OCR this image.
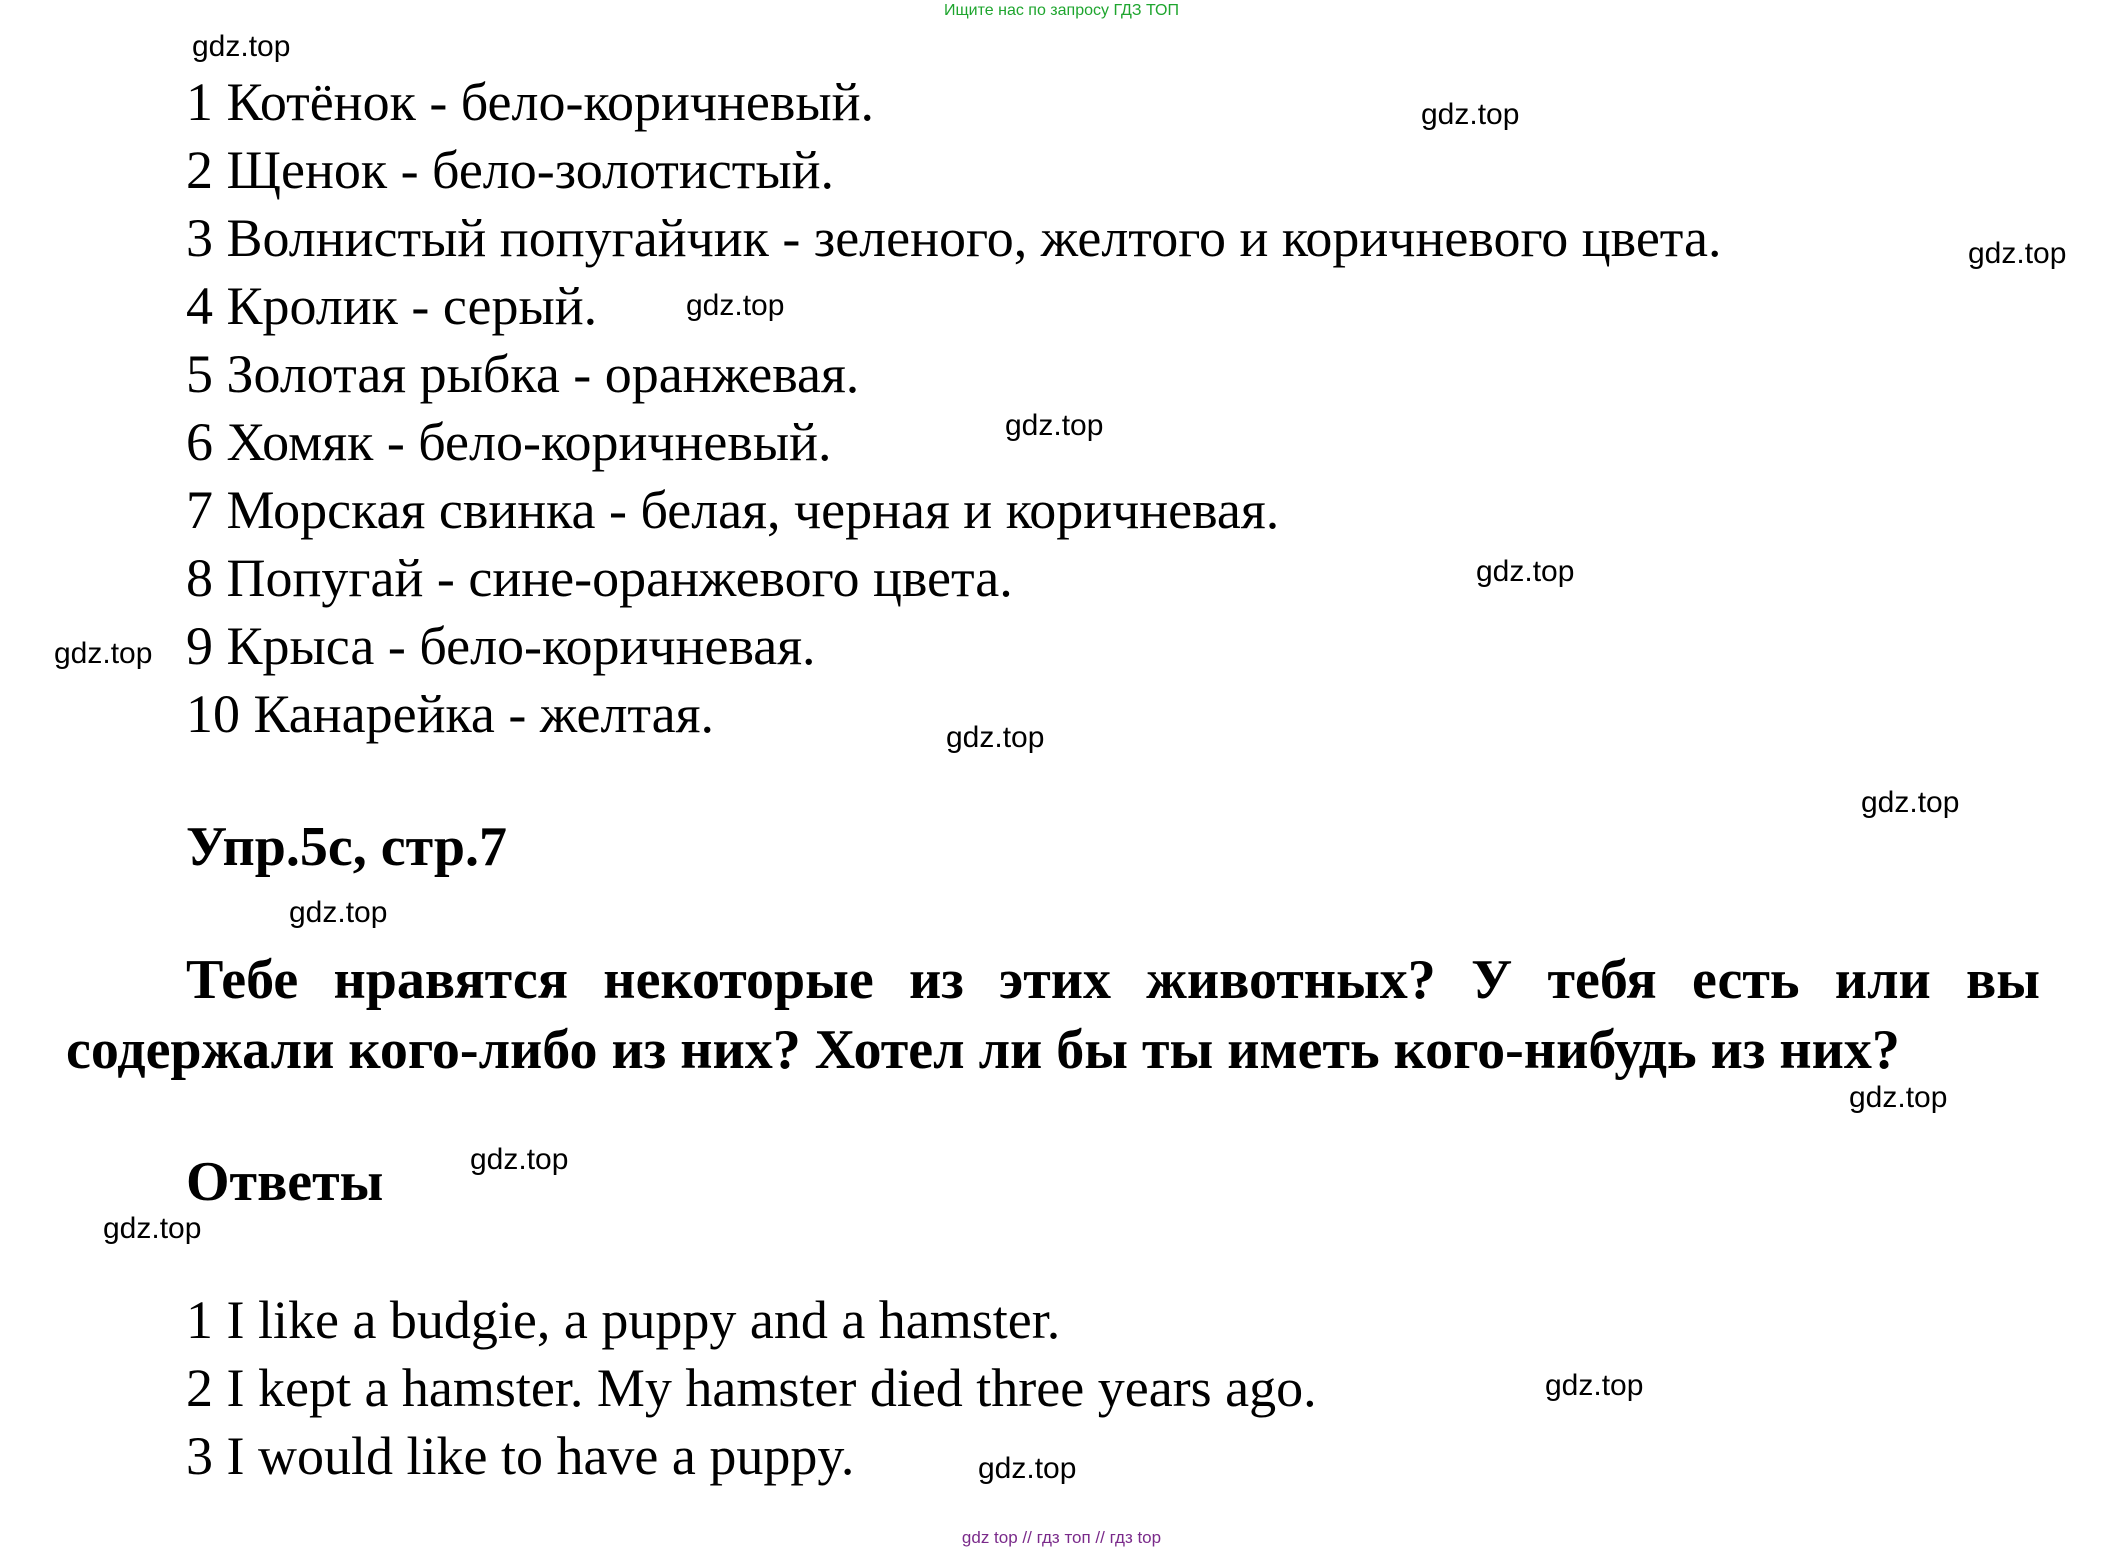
Ищите нас по запросу ГДЗ ТОП
1 Котёнок - бело-коричневый.
2 Щенок - бело-золотистый.
3 Волнистый попугайчик - зеленого, желтого и коричневого цвета.
4 Кролик - серый.
5 Золотая рыбка - оранжевая.
6 Хомяк - бело-коричневый.
7 Морская свинка - белая, черная и коричневая.
8 Попугай - сине-оранжевого цвета.
9 Крыса - бело-коричневая.
10 Канарейка - желтая.
Упр.5с, стр.7

Тебе нравятся некоторые из этих животных? У тебя есть или вы содержали кого-либо из них? Хотел ли бы ты иметь кого-нибудь из них?

Ответы
1 I like a budgie, a puppy and a hamster.
2 I kept a hamster. My hamster died three years ago.
3 I would like to have a puppy.
gdz.top
gdz.top
gdz.top
gdz.top
gdz.top
gdz.top
gdz.top
gdz.top
gdz.top
gdz.top
gdz.top
gdz.top
gdz.top
gdz.top
gdz.top
gdz top // гдз топ // гдз top
